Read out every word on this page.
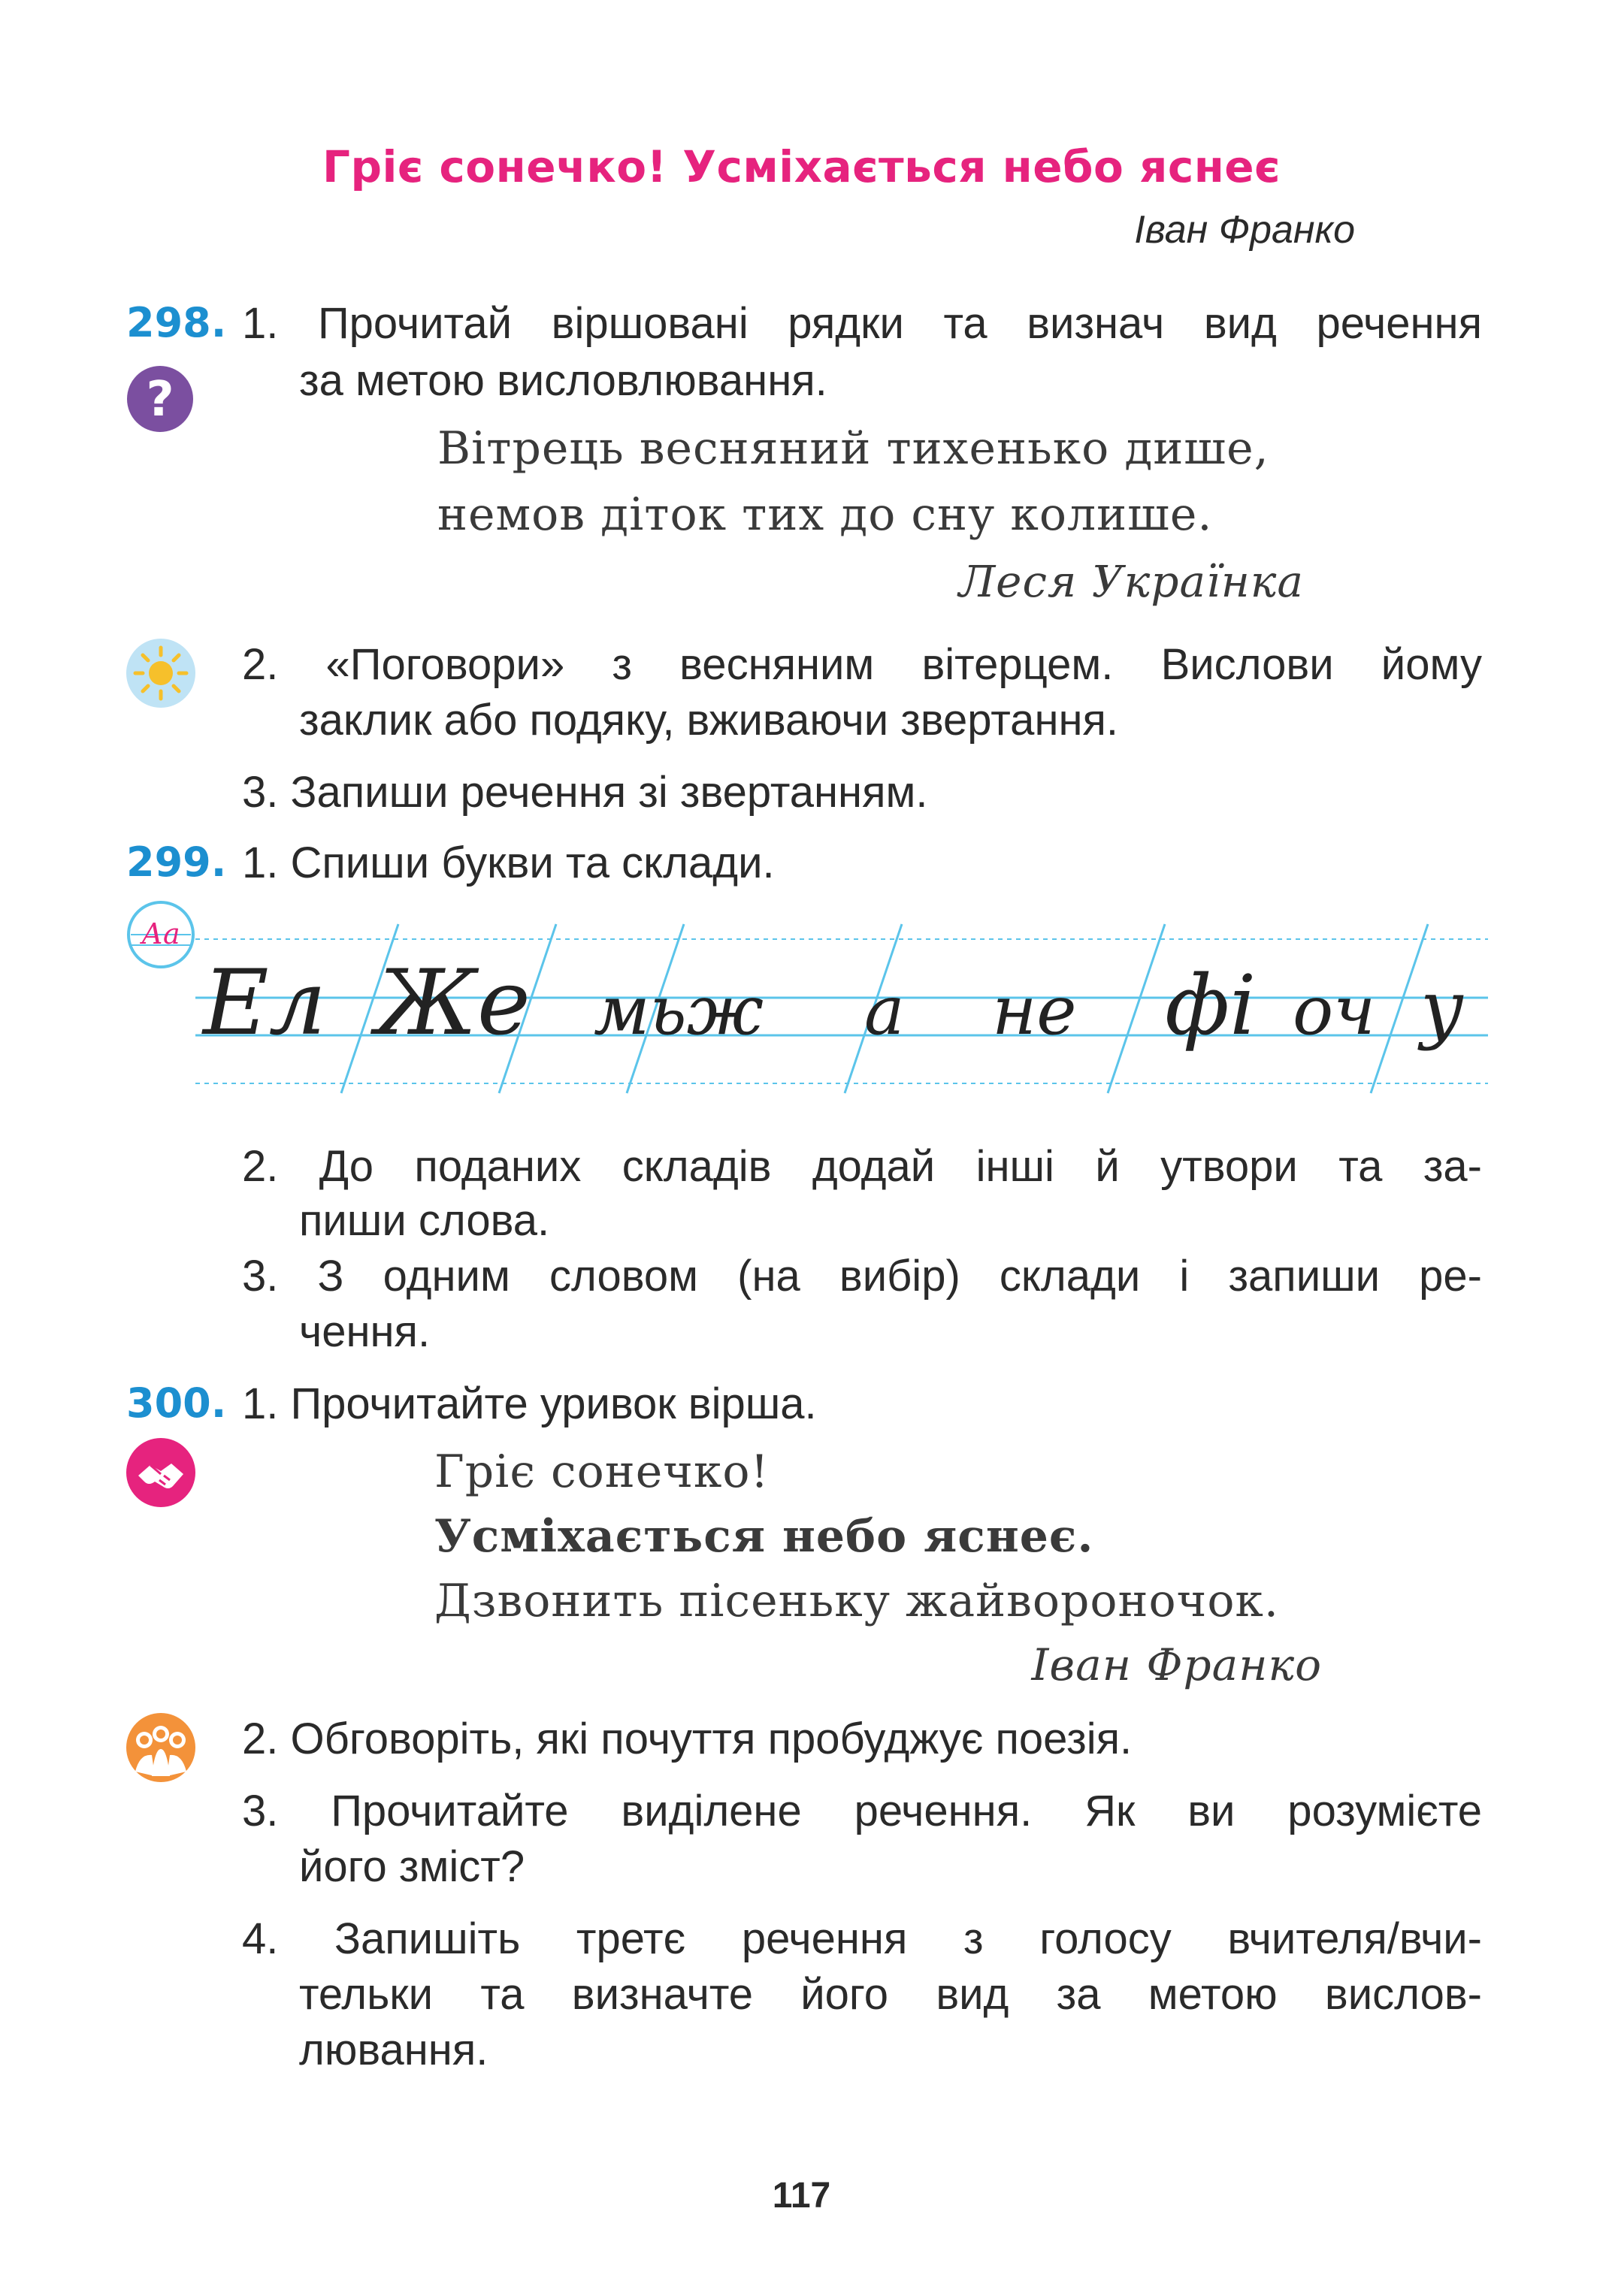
Гріє сонечко! Усміхається небо яснеє
Іван Франко
298.
?
1. Прочитай віршовані рядки та визнач вид речення
за метою висловлювання.
Вітрець весняний тихенько дише,
немов діток тих до сну колише.
Леся Українка
2. «Поговори» з весняним вітерцем. Вислови йому
заклик або подяку, вживаючи звертання.
3. Запиши речення зі звертанням.
299. 1. Спиши букви та склади.
Аа
Ел Же мьж а не фі оч у
2. До поданих складів додай інші й утвори та за-
пиши слова.
3. З одним словом (на вибір) склади і запиши ре-
чення.
300. 1. Прочитайте уривок вірша.
Гріє сонечко!
Усміхається небо яснеє.
Дзвонить пісеньку жайвороночок.
Іван Франко
2. Обговоріть, які почуття пробуджує поезія.
3. Прочитайте виділене речення. Як ви розумієте
його зміст?
4. Запишіть третє речення з голосу вчителя/вчи-
тельки та визначте його вид за метою вислов-
лювання.
117
